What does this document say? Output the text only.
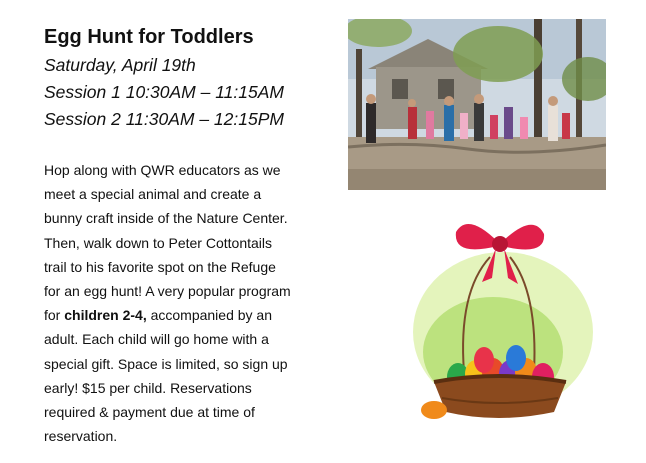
Egg Hunt for Toddlers

Saturday, April 19th

Session 1 10:30AM – 11:15AM

Session 2 11:30AM – 12:15PM

Hop along with QWR educators as we
meet a special animal and create a
bunny craft inside of the Nature Center.
Then, walk down to Peter Cottontails
trail to his favorite spot on the Refuge
for an egg hunt! A very popular program
for children 2-4, accompanied by an
adult. Each child will go home with a
special gift. Space is limited, so sign up
early! $15 per child. Reservations
required & payment due at time of
reservation.
